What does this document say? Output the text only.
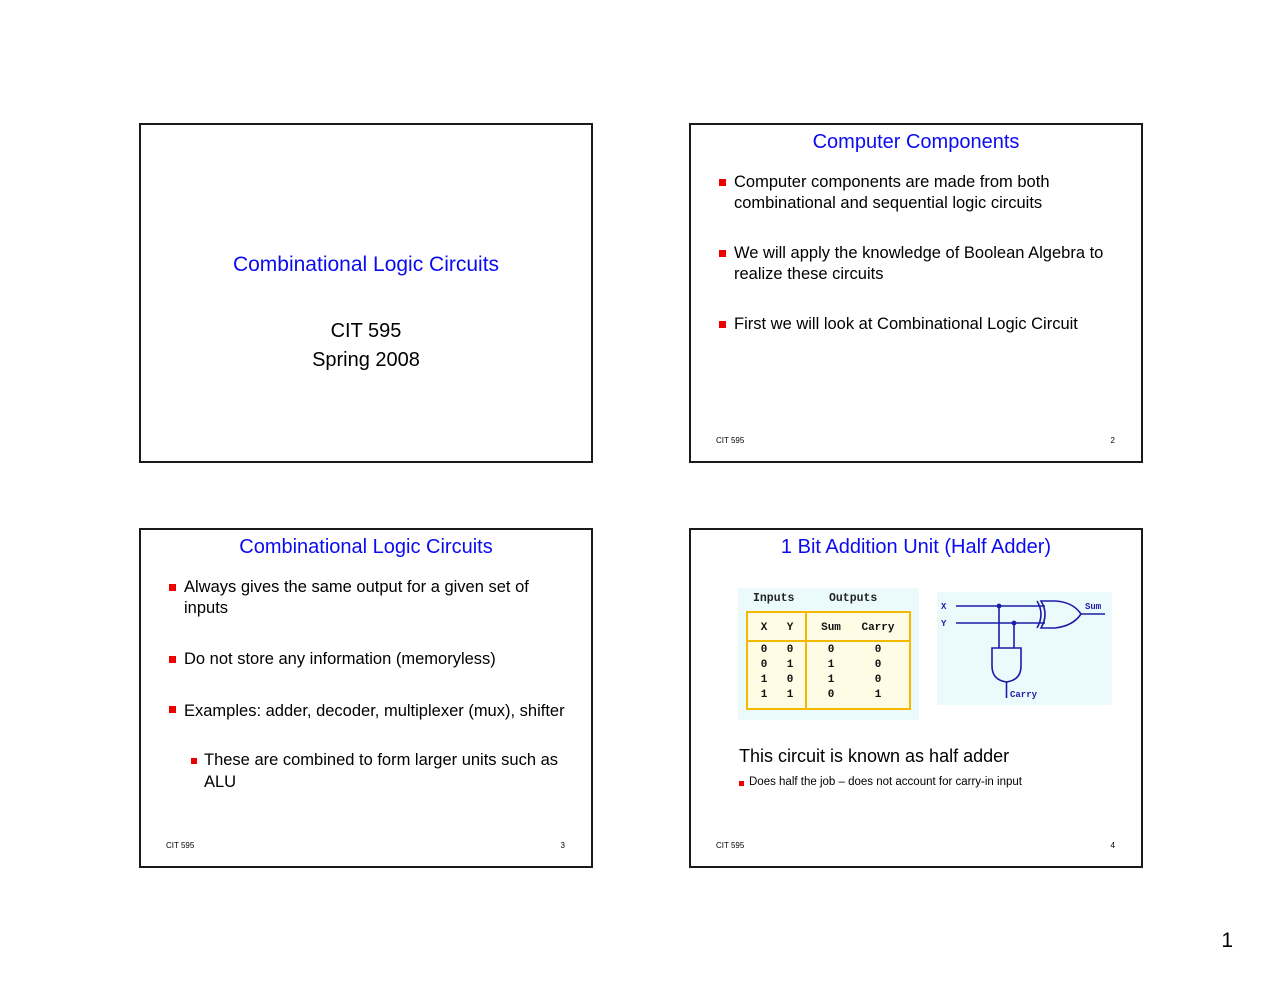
Combinational Logic Circuits
CIT 595
Spring 2008
Computer Components
Computer components are made from both combinational and sequential logic circuits
We will apply the knowledge of Boolean Algebra to realize these circuits
First we will look at Combinational Logic Circuit
CIT 595	2
Combinational Logic Circuits
Always gives the same output for a given set of inputs
Do not store any information (memoryless)
Examples: adder, decoder, multiplexer (mux), shifter
These are combined to form larger units such as ALU
CIT 595	3
1 Bit Addition Unit (Half Adder)
Inputs	Outputs
X	Y	Sum	Carry
0	0	0	0
0	1	1	0
1	0	1	0
1	1	0	1
X
Y
Sum
Carry
This circuit is known as half adder
Does half the job – does not account for carry-in input
CIT 595	4
1
